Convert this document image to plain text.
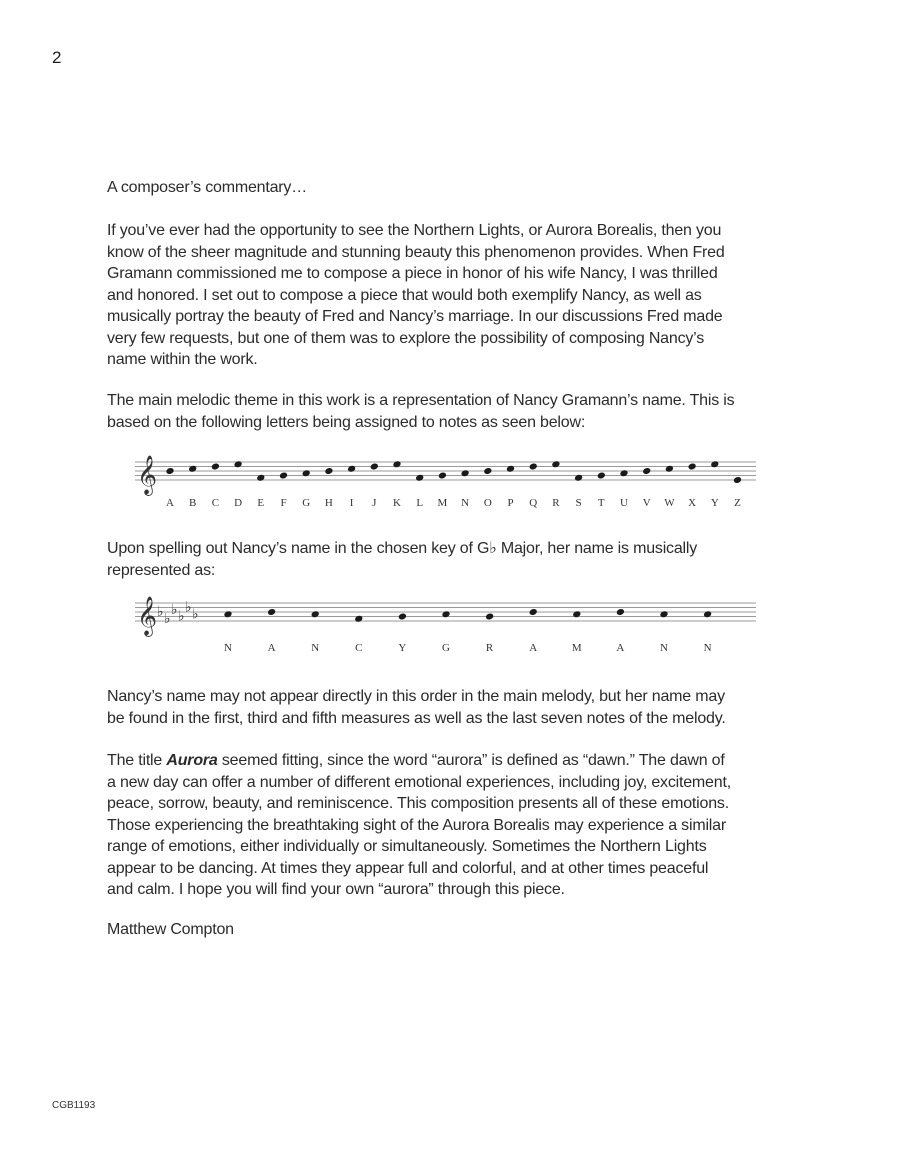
2
A composer’s commentary…
If you’ve ever had the opportunity to see the Northern Lights, or Aurora Borealis, then you
know of the sheer magnitude and stunning beauty this phenomenon provides. When Fred
Gramann commissioned me to compose a piece in honor of his wife Nancy, I was thrilled
and honored. I set out to compose a piece that would both exemplify Nancy, as well as
musically portray the beauty of Fred and Nancy’s marriage. In our discussions Fred made
very few requests, but one of them was to explore the possibility of composing Nancy’s
name within the work.
The main melodic theme in this work is a representation of Nancy Gramann’s name. This is
based on the following letters being assigned to notes as seen below:
𝄞
A B C D E F G H I J K L M N O P Q R S T U V W X Y Z
Upon spelling out Nancy’s name in the chosen key of G♭ Major, her name is musically
represented as:
𝄞 ♭ ♭
♭ ♭
♭ ♭
N	A	N	C	Y	G	R	A	M	A	N	N
Nancy’s name may not appear directly in this order in the main melody, but her name may
be found in the first, third and fifth measures as well as the last seven notes of the melody.
The title Aurora seemed fitting, since the word “aurora” is defined as “dawn.” The dawn of
a new day can offer a number of different emotional experiences, including joy, excitement,
peace, sorrow, beauty, and reminiscence. This composition presents all of these emotions.
Those experiencing the breathtaking sight of the Aurora Borealis may experience a similar
range of emotions, either individually or simultaneously. Sometimes the Northern Lights
appear to be dancing. At times they appear full and colorful, and at other times peaceful
and calm. I hope you will find your own “aurora” through this piece.
Matthew Compton
CGB1193
